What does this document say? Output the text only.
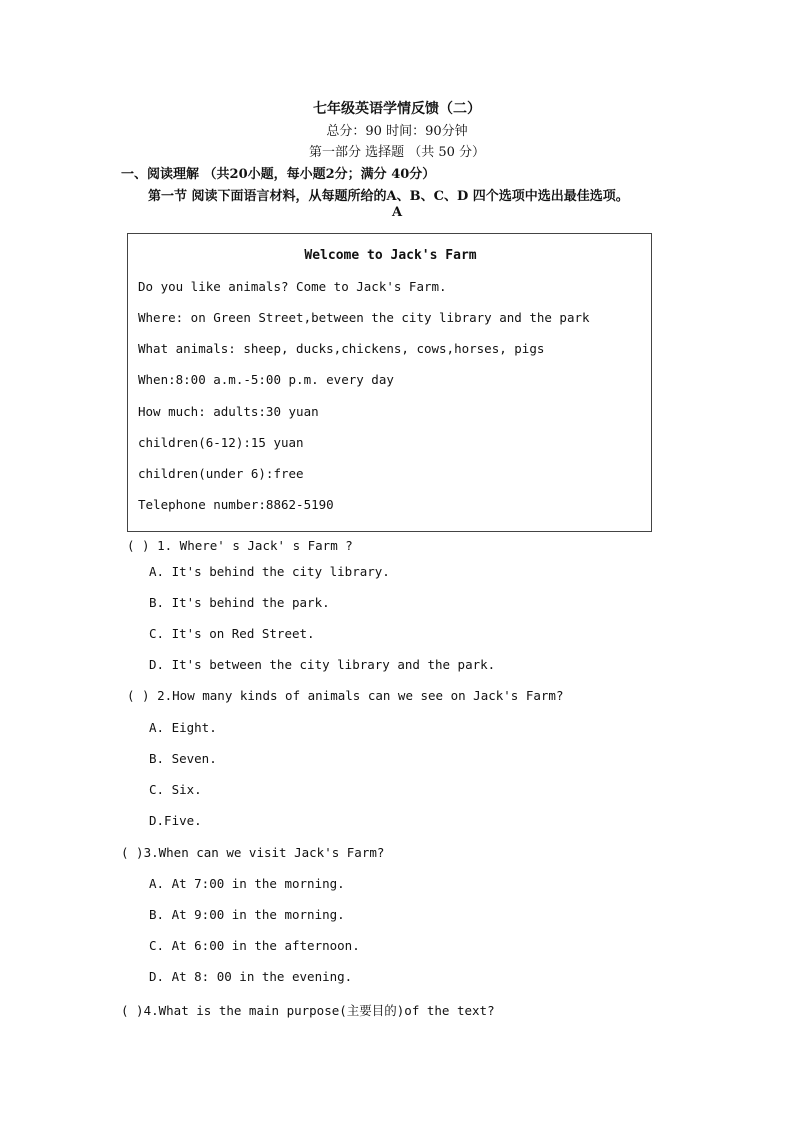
七年级英语学情反馈（二）
总分：90 时间：90分钟
第一部分 选择题 （共 50 分）
一、阅读理解 （共20小题，每小题2分；满分 40分）
第一节 阅读下面语言材料，从每题所给的A、B、C、D 四个选项中选出最佳选项。
A
Welcome to Jack's Farm
Do you like animals? Come to Jack's Farm.
Where: on Green Street,between the city library and the park
What animals: sheep, ducks,chickens, cows,horses, pigs
When:8:00 a.m.-5:00 p.m. every day
How much: adults:30 yuan
children(6-12):15 yuan
children(under 6):free
Telephone number:8862-5190
( ) 1. Where' s Jack' s Farm ?
A. It's behind the city library.
B. It's behind the park.
C. It's on Red Street.
D. It's between the city library and the park.
( ) 2.How many kinds of animals can we see on Jack's Farm?
A. Eight.
B. Seven.
C. Six.
D.Five.
( )3.When can we visit Jack's Farm?
A. At 7:00 in the morning.
B. At 9:00 in the morning.
C. At 6:00 in the afternoon.
D. At 8: 00 in the evening.
( )4.What is the main purpose(主要目的)of the text?
